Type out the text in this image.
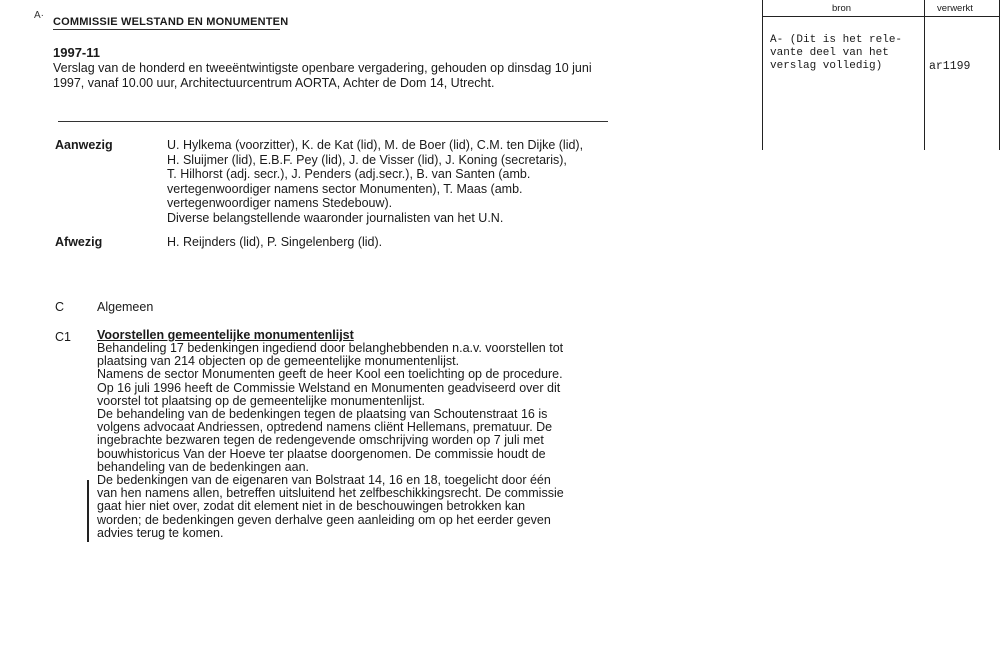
A·
COMMISSIE WELSTAND EN MONUMENTEN
1997-11
Verslag van de honderd en tweeëntwintigste openbare vergadering, gehouden op dinsdag 10 juni
1997, vanaf 10.00 uur, Architectuurcentrum AORTA, Achter de Dom 14, Utrecht.
bron	verwerkt
A- (Dit is het rele-
vante deel van het
verslag volledig)	ar1199
Aanwezig	U. Hylkema (voorzitter), K. de Kat (lid), M. de Boer (lid), C.M. ten Dijke (lid),
H. Sluijmer (lid), E.B.F. Pey (lid), J. de Visser (lid), J. Koning (secretaris),
T. Hilhorst (adj. secr.), J. Penders (adj.secr.), B. van Santen (amb.
vertegenwoordiger namens sector Monumenten), T. Maas (amb.
vertegenwoordiger namens Stedebouw).
Diverse belangstellende waaronder journalisten van het U.N.
Afwezig	H. Reijnders (lid), P. Singelenberg (lid).
C	Algemeen
C1 Voorstellen gemeentelijke monumentenlijst

Behandeling 17 bedenkingen ingediend door belanghebbenden n.a.v. voorstellen tot

plaatsing van 214 objecten op de gemeentelijke monumentenlijst.

Namens de sector Monumenten geeft de heer Kool een toelichting op de procedure.

Op 16 juli 1996 heeft de Commissie Welstand en Monumenten geadviseerd over dit

voorstel tot plaatsing op de gemeentelijke monumentenlijst.

De behandeling van de bedenkingen tegen de plaatsing van Schoutenstraat 16 is

volgens advocaat Andriessen, optredend namens cliënt Hellemans, prematuur. De

ingebrachte bezwaren tegen de redengevende omschrijving worden op 7 juli met

bouwhistoricus Van der Hoeve ter plaatse doorgenomen. De commissie houdt de

behandeling van de bedenkingen aan.

De bedenkingen van de eigenaren van Bolstraat 14, 16 en 18, toegelicht door één

van hen namens allen, betreffen uitsluitend het zelfbeschikkingsrecht. De commissie

gaat hier niet over, zodat dit element niet in de beschouwingen betrokken kan

worden; de bedenkingen geven derhalve geen aanleiding om op het eerder geven

advies terug te komen.
